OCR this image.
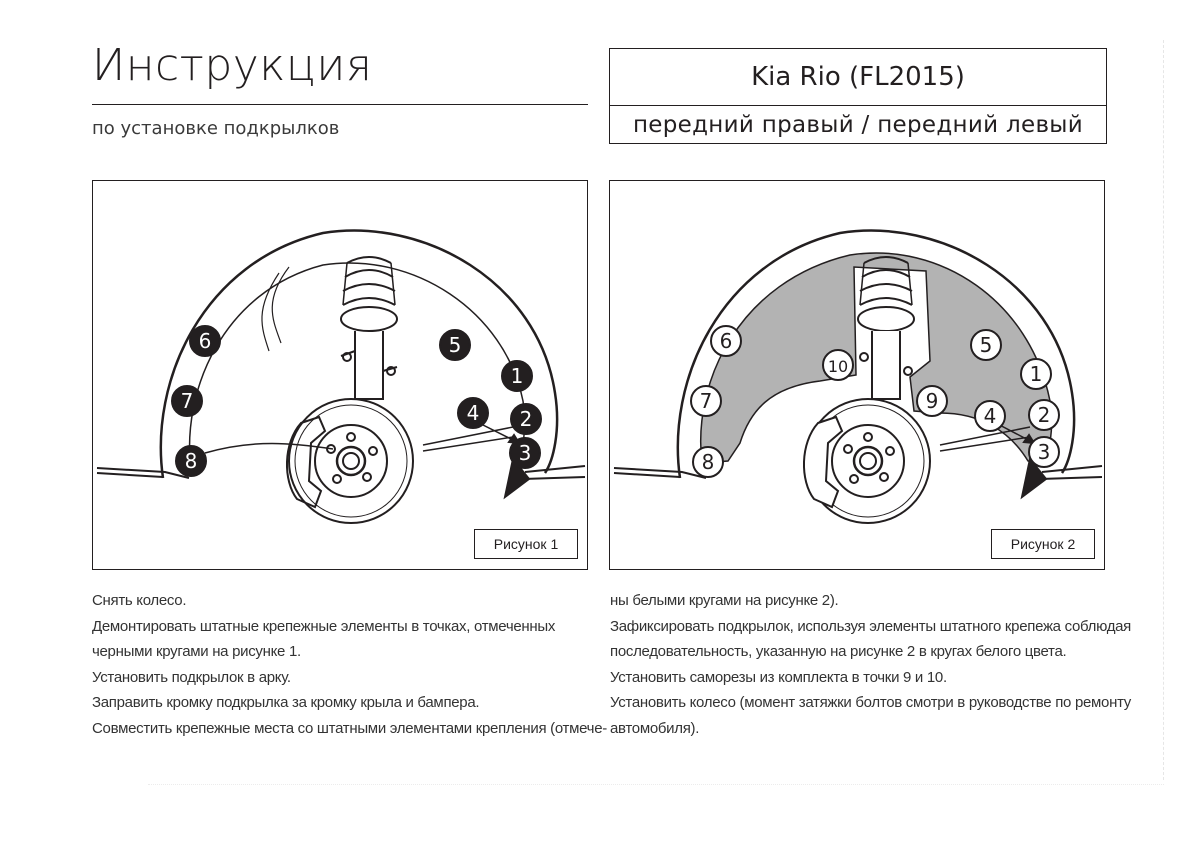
Инструкция
по установке подкрылков
Kia Rio (FL2015)
передний правый / передний левый
1
2
3
4
5
6
7
8
Рисунок 1
1
2
3
4
5
6
7
8
9
10
Рисунок 2

Снять колесо.

Демонтировать штатные крепежные элементы в точках, отмеченных

черными кругами на рисунке 1.

Установить подкрылок в арку.

Заправить кромку подкрылка за кромку крыла и бампера.

Совместить крепежные места со штатными элементами крепления (отмече-

ны белыми кругами на рисунке 2).

Зафиксировать подкрылок, используя элементы штатного крепежа соблюдая

последовательность, указанную на рисунке 2 в кругах белого цвета.

Установить саморезы из комплекта в точки 9 и 10.

Установить колесо (момент затяжки болтов смотри в руководстве по ремонту

автомобиля).
